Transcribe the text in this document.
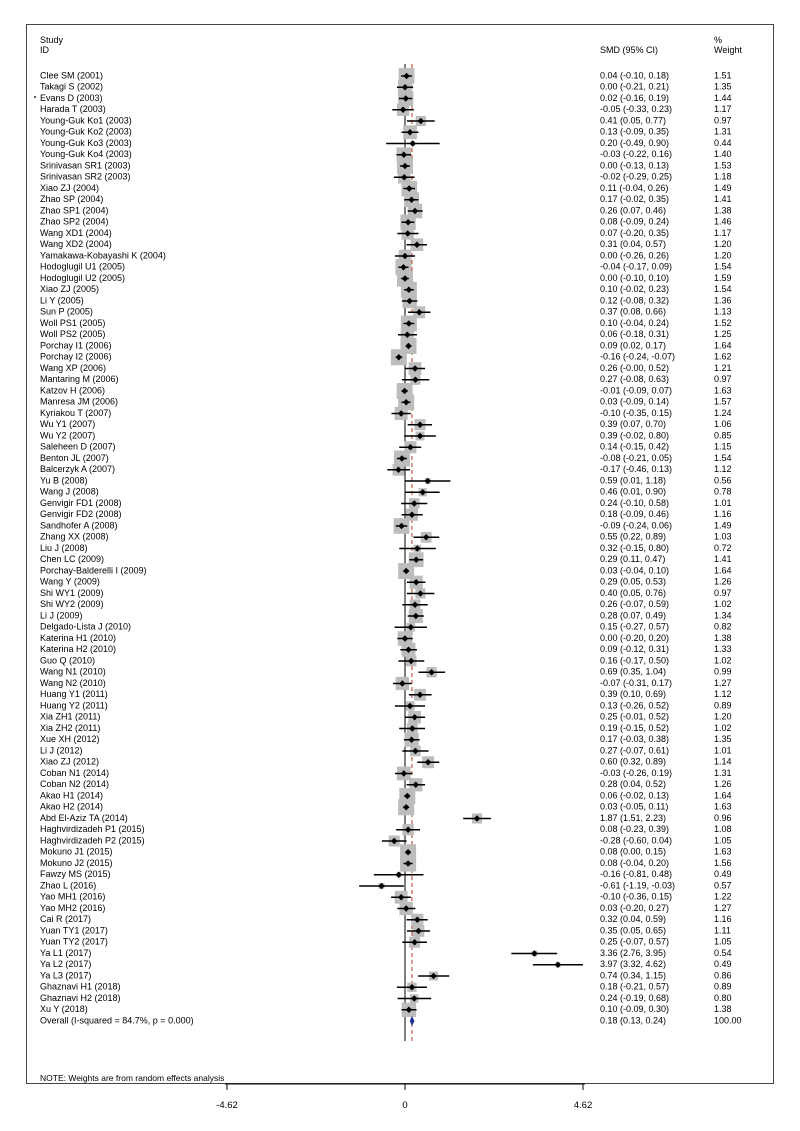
Study
ID	SMD (95% CI)
%
Weight
Clee SM (2001)	0.04 (-0.10, 0.18)	1.51
Takagi S (2002)	0.00 (-0.21, 0.21)	1.35
Evans D (2003)	0.02 (-0.16, 0.19)	1.44
Harada T (2003)	-0.05 (-0.33, 0.23)	1.17
Young-Guk Ko1 (2003)	0.41 (0.05, 0.77)	0.97
Young-Guk Ko2 (2003)	0.13 (-0.09, 0.35)	1.31
Young-Guk Ko3 (2003)	0.20 (-0.49, 0.90)	0.44
Young-Guk Ko4 (2003)	-0.03 (-0.22, 0.16)	1.40
Srinivasan SR1 (2003)	0.00 (-0.13, 0.13)	1.53
Srinivasan SR2 (2003)	-0.02 (-0.29, 0.25)	1.18
Xiao ZJ (2004)	0.11 (-0.04, 0.26)	1.49
Zhao SP (2004)	0.17 (-0.02, 0.35)	1.41
Zhao SP1 (2004)	0.26 (0.07, 0.46)	1.38
Zhao SP2 (2004)	0.08 (-0.09, 0.24)	1.46
Wang XD1 (2004)	0.07 (-0.20, 0.35)	1.17
Wang XD2 (2004)	0.31 (0.04, 0.57)	1.20
Yamakawa-Kobayashi K (2004)	0.00 (-0.26, 0.26)	1.20
Hodoglugil U1 (2005)	-0.04 (-0.17, 0.09)	1.54
Hodoglugil U2 (2005)	0.00 (-0.10, 0.10)	1.59
Xiao ZJ (2005)	0.10 (-0.02, 0.23)	1.54
Li Y (2005)	0.12 (-0.08, 0.32)	1.36
Sun P (2005)	0.37 (0.08, 0.66)	1.13
Woll PS1 (2005)	0.10 (-0.04, 0.24)	1.52
Woll PS2 (2005)	0.06 (-0.18, 0.31)	1.25
Porchay I1 (2006)	0.09 (0.02, 0.17)	1.64
Porchay I2 (2006)	-0.16 (-0.24, -0.07)	1.62
Wang XP (2006)	0.26 (-0.00, 0.52)	1.21
Mantaring M (2006)	0.27 (-0.08, 0.63)	0.97
Katzov H (2006)	-0.01 (-0.09, 0.07)	1.63
Manresa JM (2006)	0.03 (-0.09, 0.14)	1.57
Kyriakou T (2007)	-0.10 (-0.35, 0.15)	1.24
Wu Y1 (2007)	0.39 (0.07, 0.70)	1.06
Wu Y2 (2007)	0.39 (-0.02, 0.80)	0.85
Saleheen D (2007)	0.14 (-0.15, 0.42)	1.15
Benton JL (2007)	-0.08 (-0.21, 0.05)	1.54
Balcerzyk A (2007)	-0.17 (-0.46, 0.13)	1.12
Yu B (2008)	0.59 (0.01, 1.18)	0.56
Wang J (2008)	0.46 (0.01, 0.90)	0.78
Genvigir FD1 (2008)	0.24 (-0.10, 0.58)	1.01
Genvigir FD2 (2008)	0.18 (-0.09, 0.46)	1.16
Sandhofer A (2008)	-0.09 (-0.24, 0.06)	1.49
Zhang XX (2008)	0.55 (0.22, 0.89)	1.03
Liu J (2008)	0.32 (-0.15, 0.80)	0.72
Chen LC (2009)	0.29 (0.11, 0.47)	1.41
Porchay-Balderelli I (2009)	0.03 (-0.04, 0.10)	1.64
Wang Y (2009)	0.29 (0.05, 0.53)	1.26
Shi WY1 (2009)	0.40 (0.05, 0.76)	0.97
Shi WY2 (2009)	0.26 (-0.07, 0.59)	1.02
Li J (2009)	0.28 (0.07, 0.49)	1.34
Delgado-Lista J (2010)	0.15 (-0.27, 0.57)	0.82
Katerina H1 (2010)	0.00 (-0.20, 0.20)	1.38
Katerina H2 (2010)	0.09 (-0.12, 0.31)	1.33
Guo Q (2010)	0.16 (-0.17, 0.50)	1.02
Wang N1 (2010)	0.69 (0.35, 1.04)	0.99
Wang N2 (2010)	-0.07 (-0.31, 0.17)	1.27
Huang Y1 (2011)	0.39 (0.10, 0.69)	1.12
Huang Y2 (2011)	0.13 (-0.26, 0.52)	0.89
Xia ZH1 (2011)	0.25 (-0.01, 0.52)	1.20
Xia ZH2 (2011)	0.19 (-0.15, 0.52)	1.02
Xue XH (2012)	0.17 (-0.03, 0.38)	1.35
Li J (2012)	0.27 (-0.07, 0.61)	1.01
Xiao ZJ (2012)	0.60 (0.32, 0.89)	1.14
Coban N1 (2014)	-0.03 (-0.26, 0.19)	1.31
Coban N2 (2014)	0.28 (0.04, 0.52)	1.26
Akao H1 (2014)	0.06 (-0.02, 0.13)	1.64
Akao H2 (2014)	0.03 (-0.05, 0.11)	1.63
Abd El-Aziz TA (2014)	1.87 (1.51, 2.23)	0.96
Haghvirdizadeh P1 (2015)	0.08 (-0.23, 0.39)	1.08
Haghvirdizadeh P2 (2015)	-0.28 (-0.60, 0.04)	1.05
Mokuno J1 (2015)	0.08 (0.00, 0.15)	1.63
Mokuno J2 (2015)	0.08 (-0.04, 0.20)	1.56
Fawzy MS (2015)	-0.16 (-0.81, 0.48)	0.49
Zhao L (2016)	-0.61 (-1.19, -0.03)	0.57
Yao MH1 (2016)	-0.10 (-0.36, 0.15)	1.22
Yao MH2 (2016)	0.03 (-0.20, 0.27)	1.27
Cai R (2017)	0.32 (0.04, 0.59)	1.16
Yuan TY1 (2017)	0.35 (0.05, 0.65)	1.11
Yuan TY2 (2017)	0.25 (-0.07, 0.57)	1.05
Ya L1 (2017)	3.36 (2.76, 3.95)	0.54
Ya L2 (2017)	3.97 (3.32, 4.62)	0.49
Ya L3 (2017)	0.74 (0.34, 1.15)	0.86
Ghaznavi H1 (2018)	0.18 (-0.21, 0.57)	0.89
Ghaznavi H2 (2018)	0.24 (-0.19, 0.68)	0.80
Xu Y (2018)	0.10 (-0.09, 0.30)	1.38
Overall (I-squared = 84.7%, p = 0.000)	0.18 (0.13, 0.24)	100.00
-4.62	0	4.62
NOTE: Weights are from random effects analysis
